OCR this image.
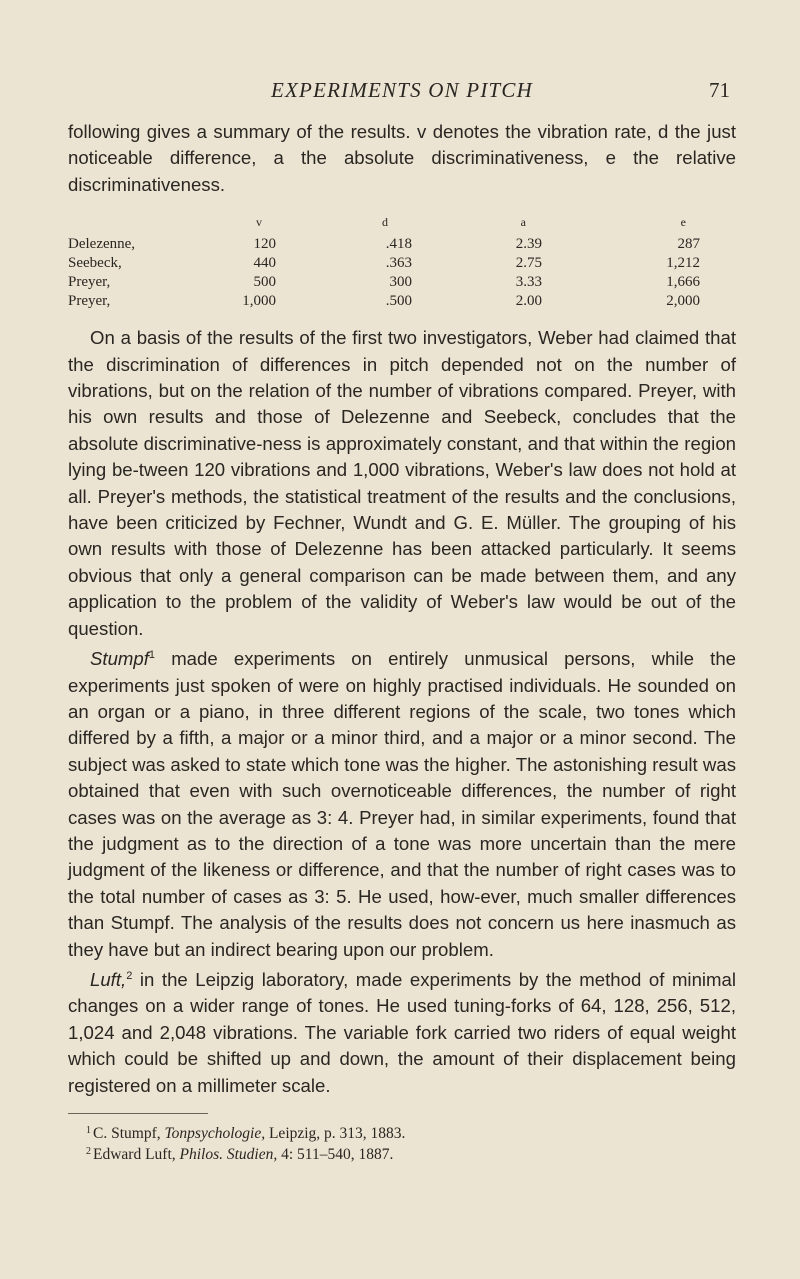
EXPERIMENTS ON PITCH	71

following gives a summary of the results. v denotes the vibration rate, d the just noticeable difference, a the absolute discriminativeness, e the relative discriminativeness.

	v	d	a	e
Delezenne,	120	.418	2.39	287
Seebeck,	440	.363	2.75	1,212
Preyer,	500	300	3.33	1,666
Preyer,	1,000	.500	2.00	2,000

On a basis of the results of the first two investigators, Weber had claimed that the discrimination of differences in pitch depended not on the number of vibrations, but on the relation of the number of vibrations compared. Preyer, with his own results and those of Delezenne and Seebeck, concludes that the absolute discriminative-ness is approximately constant, and that within the region lying be-tween 120 vibrations and 1,000 vibrations, Weber's law does not hold at all. Preyer's methods, the statistical treatment of the results and the conclusions, have been criticized by Fechner, Wundt and G. E. Müller. The grouping of his own results with those of Delezenne has been attacked particularly. It seems obvious that only a general comparison can be made between them, and any application to the problem of the validity of Weber's law would be out of the question.

Stumpf$^1$ made experiments on entirely unmusical persons, while the experiments just spoken of were on highly practised individuals. He sounded on an organ or a piano, in three different regions of the scale, two tones which differed by a fifth, a major or a minor third, and a major or a minor second. The subject was asked to state which tone was the higher. The astonishing result was obtained that even with such overnoticeable differences, the number of right cases was on the average as 3: 4. Preyer had, in similar experiments, found that the judgment as to the direction of a tone was more uncertain than the mere judgment of the likeness or difference, and that the number of right cases was to the total number of cases as 3: 5. He used, how-ever, much smaller differences than Stumpf. The analysis of the results does not concern us here inasmuch as they have but an indirect bearing upon our problem.

Luft,$^2$ in the Leipzig laboratory, made experiments by the method of minimal changes on a wider range of tones. He used tuning-forks of 64, 128, 256, 512, 1,024 and 2,048 vibrations. The variable fork carried two riders of equal weight which could be shifted up and down, the amount of their displacement being registered on a millimeter scale.

$^1$ C. Stumpf, Tonpsychologie, Leipzig, p. 313, 1883.
$^2$ Edward Luft, Philos. Studien, 4: 511–540, 1887.
